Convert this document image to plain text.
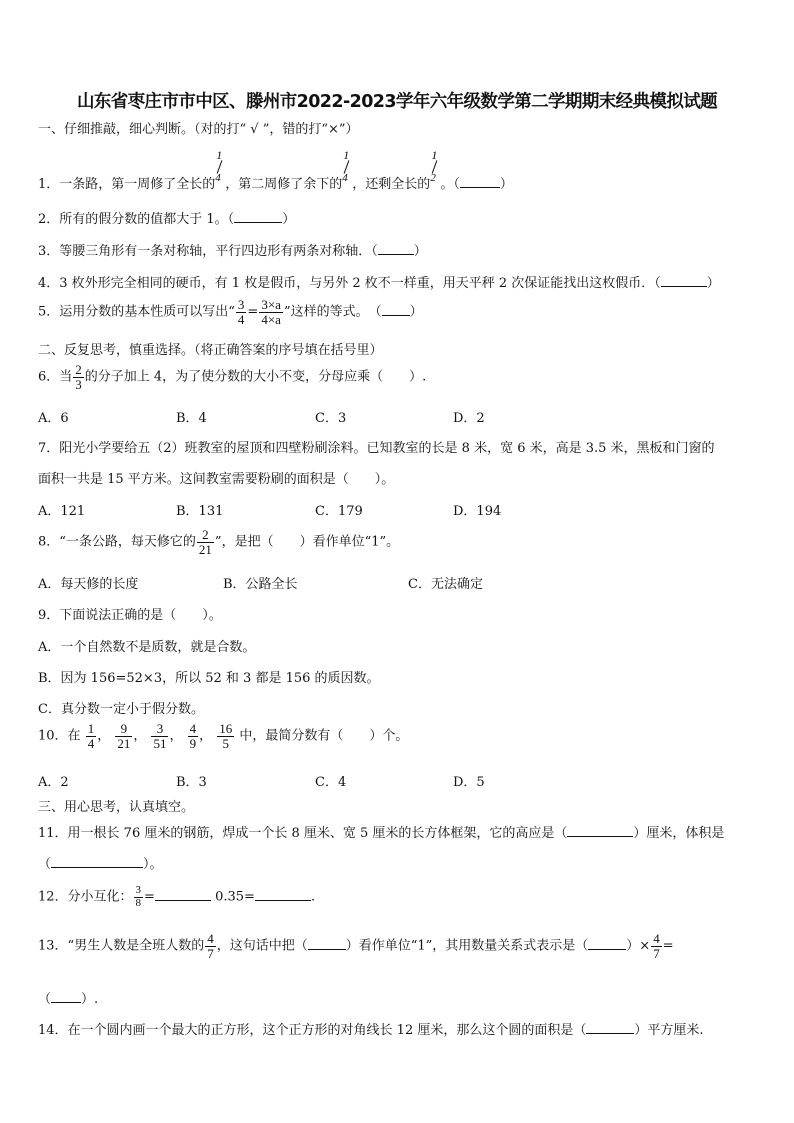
山东省枣庄市市中区、滕州市2022-2023学年六年级数学第二学期期末经典模拟试题
一、仔细推敲，细心判断。（对的打“ √ ”，错的打“×”）
1．一条路，第一周修了全长的
1
4 ，第二周修了余下的
1
4 ，还剩全长的
1
2 。（	）
2．所有的假分数的值都大于 1。（	）
3．等腰三角形有一条对称轴，平行四边形有两条对称轴．（	）
4．3 枚外形完全相同的硬币，有 1 枚是假币，与另外 2 枚不一样重，用天平秤 2 次保证能找出这枚假币．（	）
5．运用分数的基本性质可以写出“ $\frac{3}{4} = \frac{3\times a}{4\times a}$ ”这样的等式。　（ ）
二、反复思考，慎重选择。（将正确答案的序号填在括号里）
6．当 $\frac{2}{3}$ 的分子加上 4，为了使分数的大小不变，分母应乘（　　）.
A．6	B．4	C．3	D．2
7．阳光小学要给五（2）班教室的屋顶和四壁粉刷涂料。已知教室的长是 8 米，宽 6 米，高是 3.5 米，黑板和门窗的
面积一共是 15 平方米。这间教室需要粉刷的面积是（　　）。
A．121	B．131	C．179	D．194
8．“一条公路，每天修它的 $\frac{2}{21}$ ”，是把（　　）看作单位“1”。
A．每天修的长度	B．公路全长	C．无法确定
9．下面说法正确的是（　　）。
A．一个自然数不是质数，就是合数。
B．因为 156=52×3，所以 52 和 3 都是 156 的质因数。
C．真分数一定小于假分数。
10．在 $\frac{1}{4}$ ， $\frac{9}{21}$ ， $\frac{3}{51}$ ， $\frac{4}{9}$ ， $\frac{16}{5}$ 中，最简分数有（　　）个。
A．2	B．3	C．4	D．5
三、用心思考，认真填空。
11．用一根长 76 厘米的钢筋，焊成一个长 8 厘米、宽 5 厘米的长方体框架，它的高应是（	）厘米，体积是
（	）。
12．分小互化： $\frac{3}{8}$ =	0.35=	.
13．“男生人数是全班人数的 $\frac{4}{7}$ ，这句话中把（	）看作单位“1”，其用数量关系式表示是（	）× $\frac{4}{7}$ =
（ ）.
14．在一个圆内画一个最大的正方形，这个正方形的对角线长 12 厘米，那么这个圆的面积是（	）平方厘米.
